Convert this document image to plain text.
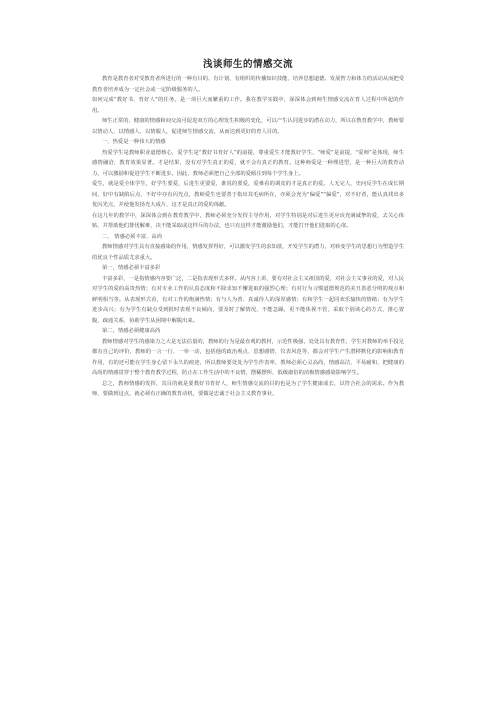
浅谈师生的情感交流

教育是教育者对受教育者所进行的一种有目的、有计划、有组织的传播知识技能、培养思想道德、发展智力和体力的活动从而把受教育者培养成为一定社会或一定阶级服务的人。

如何完成“教好书、育好人”的任务，是一项巨大而繁重的工作。我在教学实践中，深深体会到师生情感交流在育人过程中所起的作用。

师生正常的、健康的情感和间交流可促进双方的心理发生积极的变化，可以产生认同进步的潜在动力，所以在教育教学中，教师要以情动人、以情感人、以情服人，促进师生情感交流，从而达到更好的育人目的。

一、热爱是一种伟大的情感

热爱学生是教师职业道德核心，爱学生是“教好书育好人”的前提，尊重爱生才能教好学生，“师爱”是前提，“爱师”是体现，师生感情融洽，教育效果显著。才是结果，没有对学生真正的爱，就不会有真正的教育。这种师爱是一种理进型，是一种巨大的教育动力，可以激励和促进学生不断进步。因此，教师必须把自己全部的爱倾注到每个学生身上。

爱生，就是爱全体学生，好学生要爱，后进生更要爱，谁说的要爱，爱难看的调皮的才是真正的爱。人无完人，史问反学生在成长期间，好中有缺陷后点，不好中亦有闪光点，教师爱生也要善于指出其毛病所在，亦须会充为“偏爱”“偏爱”，对不好者，能认真找出多优闪光点，并使他发扬光大成片，这才是真正的爱的体献。

在这几年的教学中，深深体会到在教育教学中，教师必须充分发挥主导作用，对学生特别是对后进生更应该充满诚挚的爱，去关心体贴，并帮助他们排忧解难，决不能采取或这样斥的办法，也只有这样才能激励他们，才能打开他们进取的心扉。

二、 情感必须丰富、高尚

教师情感对学生具有直接感染的作用，情感发挥得好，可以激发学生的求知欲，开发学生的潜力，对转变学生的思想行为塑造学生的优良个性品质尤求重大。

第一，情感必须丰富多彩

丰富多彩，一是指情感内容要广泛，二是指表现形式多样。从内容上讲，要有对社会主义祖国的爱，对社会主义事业的爱，对人民对学生的爱的高贵热情；有对专业工作的认真态度和不除求知不懈进取的强烈心理；有对行为习惯道德规范的美丑善恶分明的观点和鲜明相当等。从表现形式看，有对工作的炮满热情；有与人为善、真诚待人的深厚感情；有和学生一起同欢乐愉快的情绪；有为学生进步高兴；有为学生有缺点受到批时表现不良倾向，要及时了解情况，不能急躁，更不能体视不管，采取个别谈心的方式，推心置腹，疏通关系，协助学生从困境中解脱出来。

第二，情感必须健康高尚

教师情感对学生的感染力之大是无法估量的，教师的行为是最直观的教材，示范性极强，处处具有教育性，学生对教师的举手投足都有自己的评价，教师的一言一行、一举一动，包括他的政治观点、思想感情，仪表风范等，都会对学生产生潜移默化的影响和教育作用，有的还可能在学生身心留下永久的痕迹，所以教师要处处为学生作表率，教师必须心灵高尚，情感高洁，平易耐和，把健康的高尚的情感贯穿于整个教育教学过程，防止在工作生活中的不良情，摆稀摆所，低级庸俗的消极情感感染影响学生。

总之，教师情感的发挥，其目的就是要教好书育好人，师生情感交流的目的也是为了学生健康成长，以符合社会的需求。作为教师，要做到这点，就必须有正确的教育动机，要做是忠诚于社会主义教育事业。
